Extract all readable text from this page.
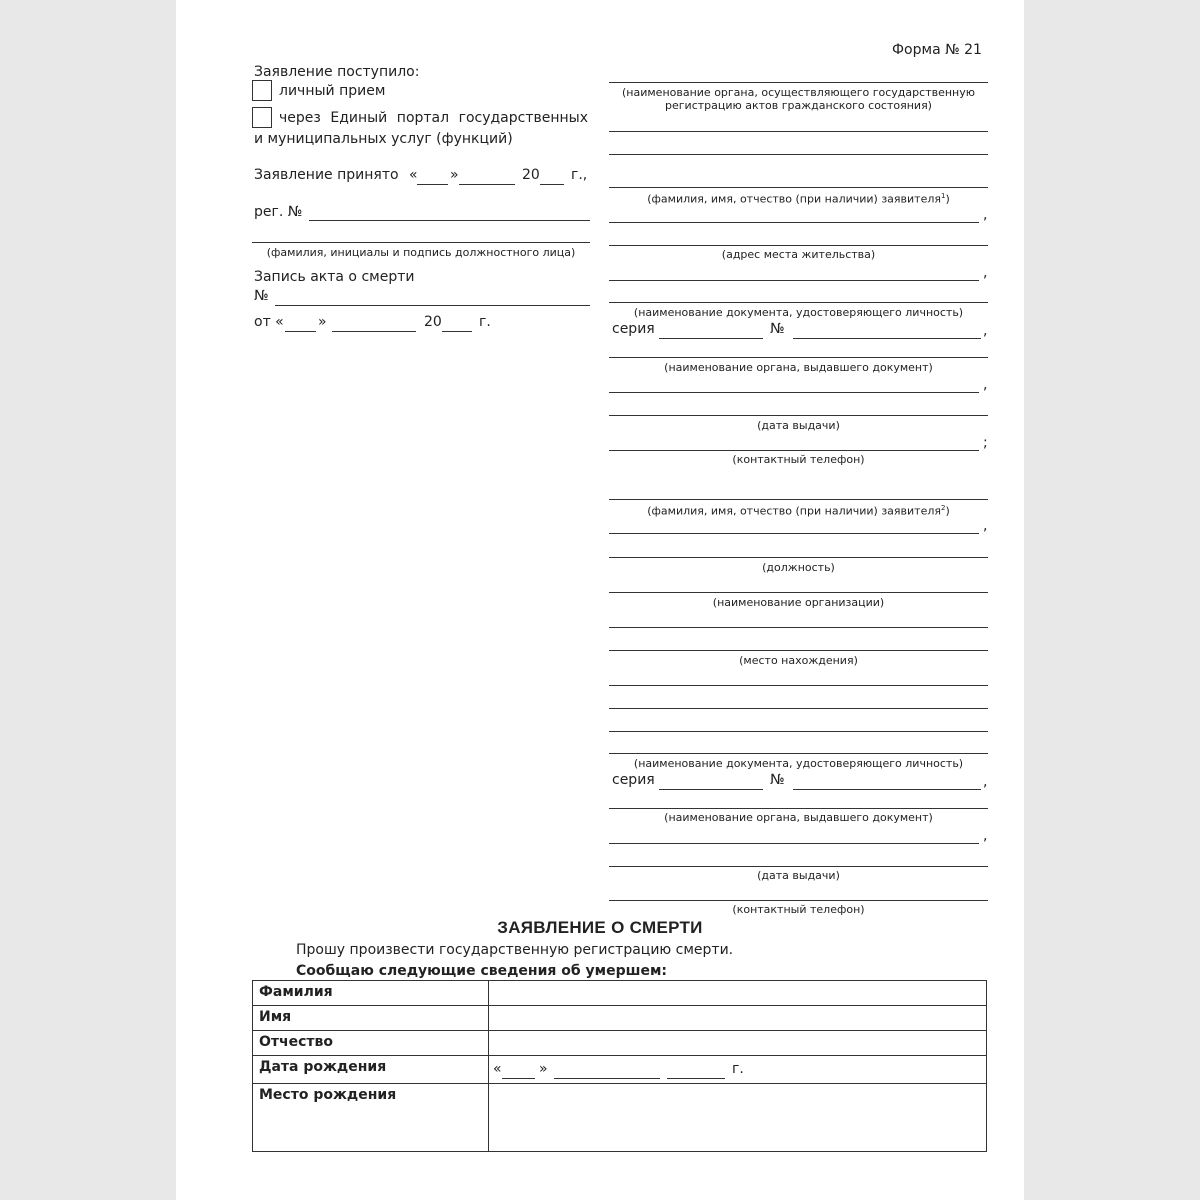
Форма № 21
Заявление поступило:
личный прием
через Единый портал государственных
и муниципальных услуг (функций)
Заявление принято « »	20 г.,
рег. №
(фамилия, инициалы и подпись должностного лица)
Запись акта о смерти
№
от « »	20	г.
(наименование органа, осуществляющего государственную
регистрацию актов гражданского состояния)
(фамилия, имя, отчество (при наличии) заявителя$^1$)
,
(адрес места жительства)
,
(наименование документа, удостоверяющего личность)
серия	№	,
(наименование органа, выдавшего документ)
,
(дата выдачи)
;
(контактный телефон)
(фамилия, имя, отчество (при наличии) заявителя$^2$)
,
(должность)
(наименование организации)
(место нахождения)
(наименование документа, удостоверяющего личность)
серия	№	,
(наименование органа, выдавшего документ)
,
(дата выдачи)
(контактный телефон)
ЗАЯВЛЕНИЕ О СМЕРТИ
Прошу произвести государственную регистрацию смерти.
Сообщаю следующие сведения об умершем:
Фамилия	
Имя	
Отчество	
Дата рождения	« » г.

Место рождения	
